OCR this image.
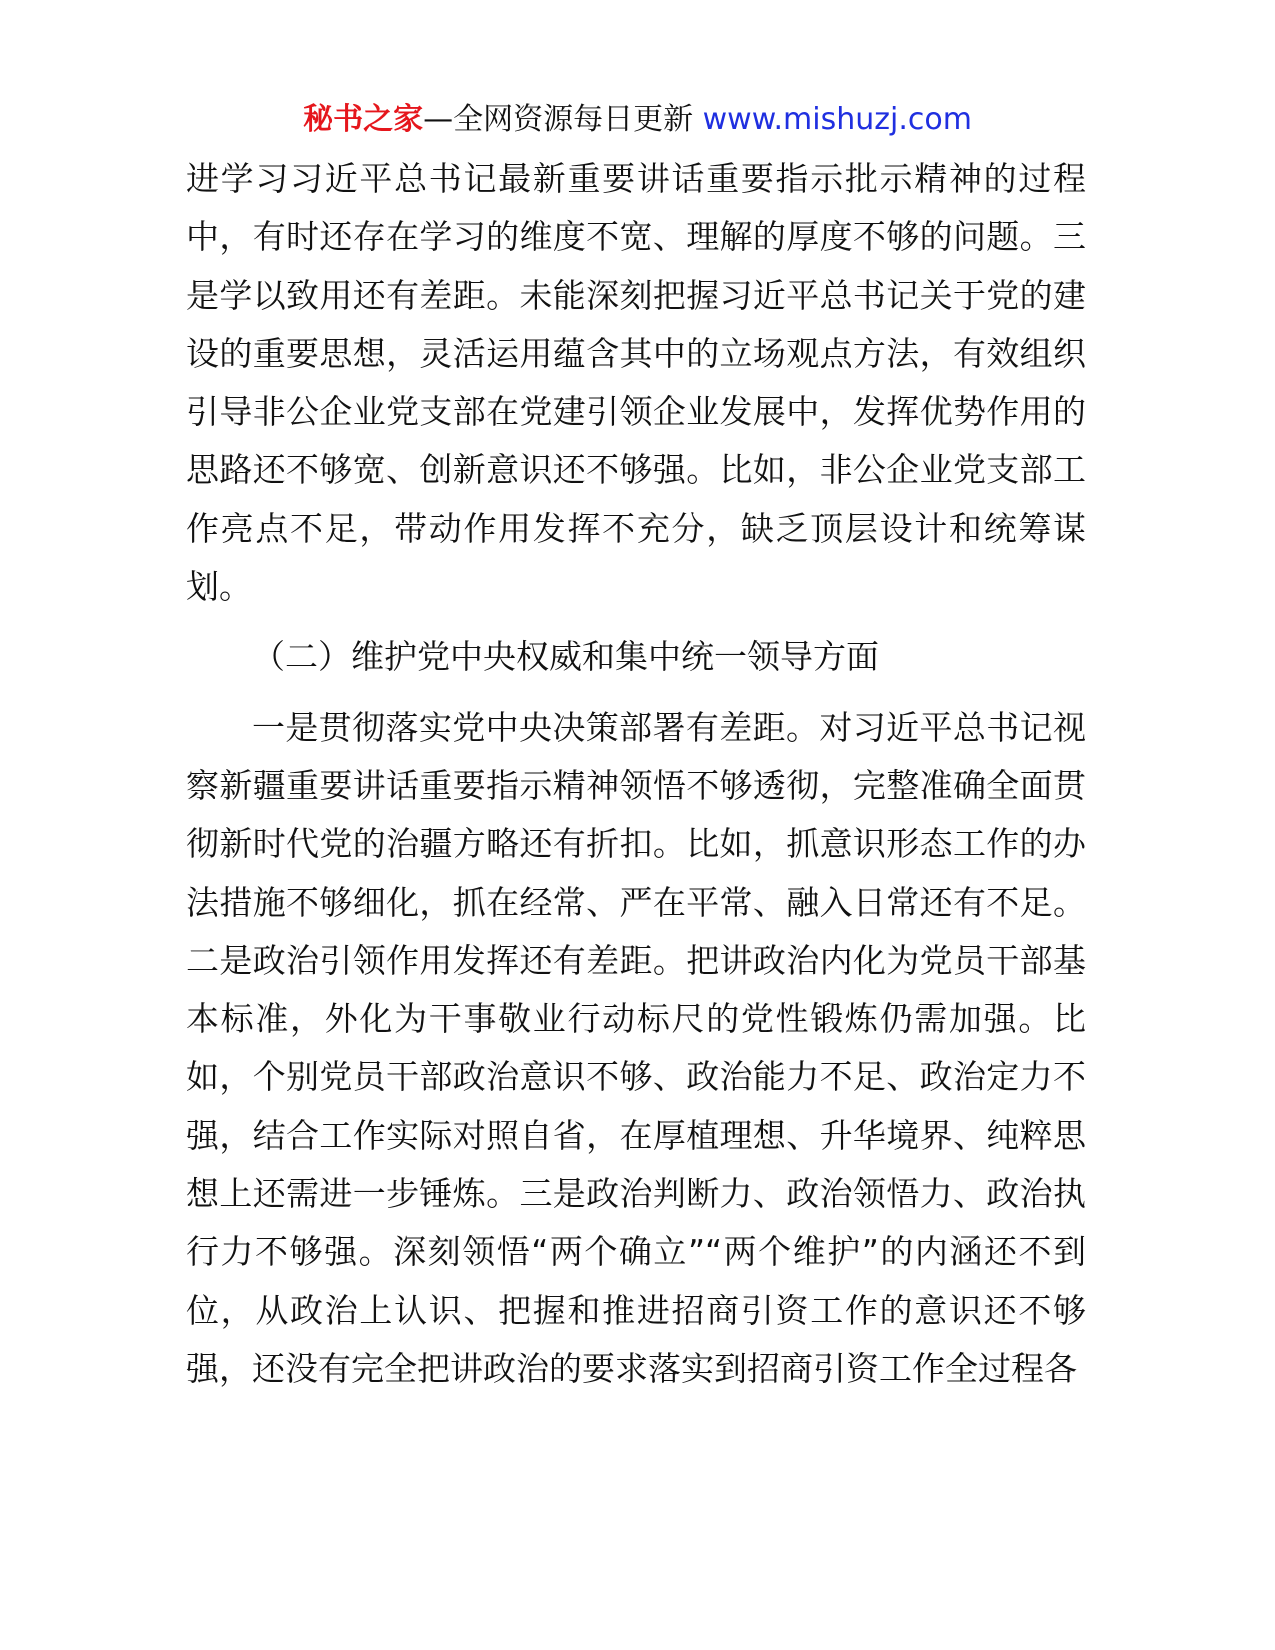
秘书之家—全网资源每日更新 www.mishuzj.com

进学习习近平总书记最新重要讲话重要指示批示精神的过程中，有时还存在学习的维度不宽、理解的厚度不够的问题。三是学以致用还有差距。未能深刻把握习近平总书记关于党的建设的重要思想，灵活运用蕴含其中的立场观点方法，有效组织引导非公企业党支部在党建引领企业发展中，发挥优势作用的思路还不够宽、创新意识还不够强。比如，非公企业党支部工作亮点不足，带动作用发挥不充分，缺乏顶层设计和统筹谋划。

（二）维护党中央权威和集中统一领导方面

一是贯彻落实党中央决策部署有差距。对习近平总书记视察新疆重要讲话重要指示精神领悟不够透彻，完整准确全面贯彻新时代党的治疆方略还有折扣。比如，抓意识形态工作的办法措施不够细化，抓在经常、严在平常、融入日常还有不足。二是政治引领作用发挥还有差距。把讲政治内化为党员干部基本标准，外化为干事敬业行动标尺的党性锻炼仍需加强。比如，个别党员干部政治意识不够、政治能力不足、政治定力不强，结合工作实际对照自省，在厚植理想、升华境界、纯粹思想上还需进一步锤炼。三是政治判断力、政治领悟力、政治执行力不够强。深刻领悟“两个确立”“两个维护”的内涵还不到位，从政治上认识、把握和推进招商引资工作的意识还不够强，还没有完全把讲政治的要求落实到招商引资工作全过程各
